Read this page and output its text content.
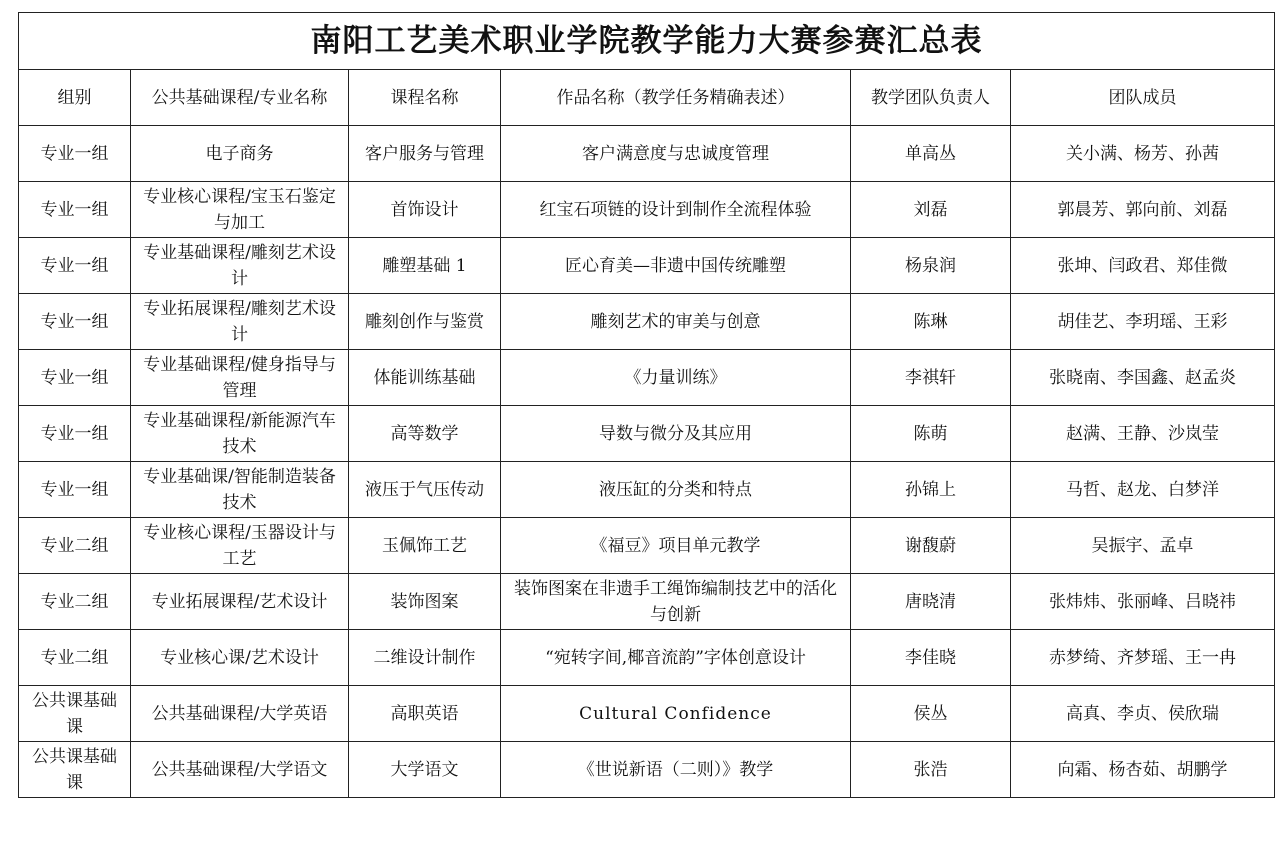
南阳工艺美术职业学院教学能力大赛参赛汇总表					
组别	公共基础课程/专业名称	课程名称	作品名称（教学任务精确表述）	教学团队负责人	团队成员
专业一组	电子商务	客户服务与管理	客户满意度与忠诚度管理	单高丛	关小满、杨芳、孙茜
专业一组	专业核心课程/宝玉石鉴定与加工	首饰设计	红宝石项链的设计到制作全流程体验	刘磊	郭晨芳、郭向前、刘磊
专业一组	专业基础课程/雕刻艺术设计	雕塑基础 1	匠心育美—非遗中国传统雕塑	杨泉润	张坤、闫政君、郑佳微
专业一组	专业拓展课程/雕刻艺术设计	雕刻创作与鉴赏	雕刻艺术的审美与创意	陈琳	胡佳艺、李玥瑶、王彩
专业一组	专业基础课程/健身指导与管理	体能训练基础	《力量训练》	李祺轩	张晓南、李国鑫、赵孟炎
专业一组	专业基础课程/新能源汽车技术	高等数学	导数与微分及其应用	陈萌	赵满、王静、沙岚莹
专业一组	专业基础课/智能制造装备技术	液压于气压传动	液压缸的分类和特点	孙锦上	马哲、赵龙、白梦洋
专业二组	专业核心课程/玉器设计与工艺	玉佩饰工艺	《福豆》项目单元教学	谢馥蔚	吴振宇、孟卓
专业二组	专业拓展课程/艺术设计	装饰图案	装饰图案在非遗手工绳饰编制技艺中的活化与创新	唐晓清	张炜炜、张丽峰、吕晓祎
专业二组	专业核心课/艺术设计	二维设计制作	“宛转字间,椰音流韵”字体创意设计	李佳晓	赤梦绮、齐梦瑶、王一冉
公共课基础课	公共基础课程/大学英语	高职英语	Cultural Confidence	侯丛	高真、李贞、侯欣瑞
公共课基础课	公共基础课程/大学语文	大学语文	《世说新语（二则）》教学	张浩	向霜、杨杏茹、胡鹏学
